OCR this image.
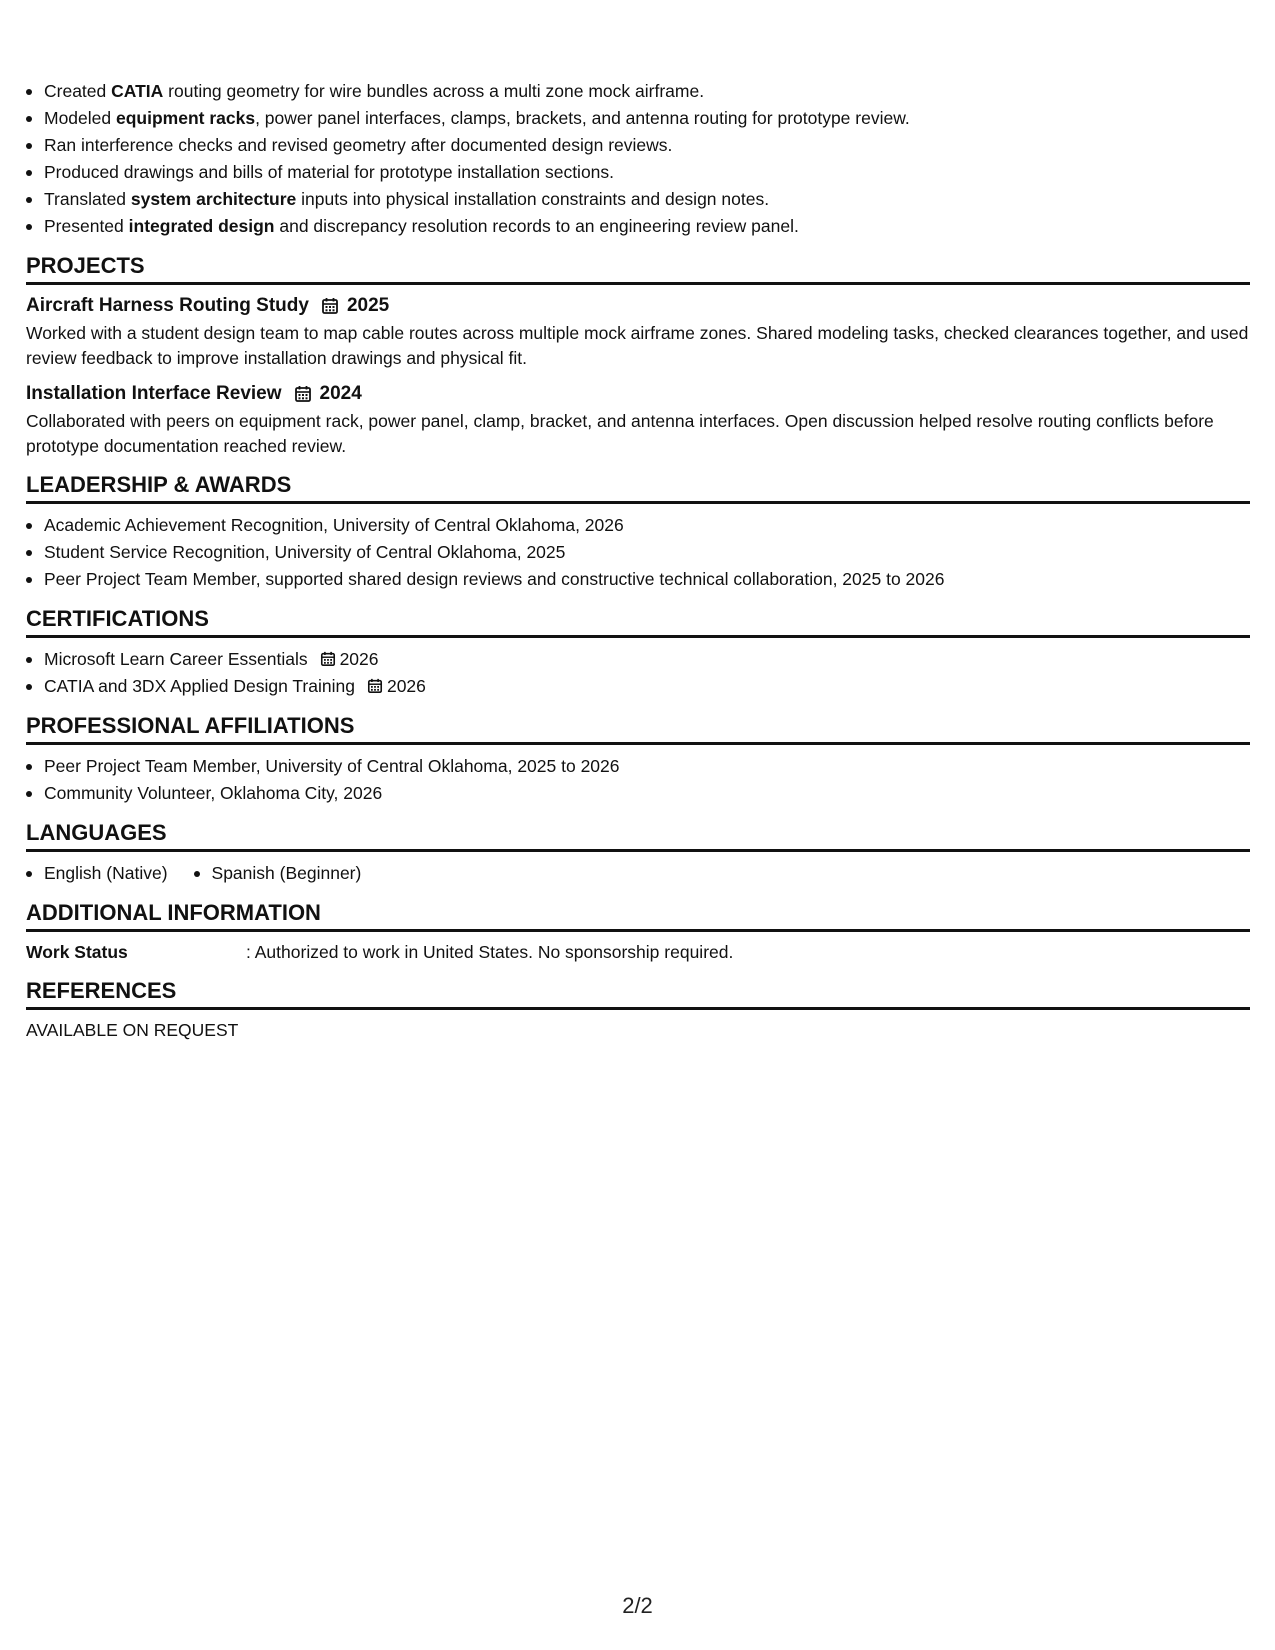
Created CATIA routing geometry for wire bundles across a multi zone mock airframe.
Modeled equipment racks, power panel interfaces, clamps, brackets, and antenna routing for prototype review.
Ran interference checks and revised geometry after documented design reviews.
Produced drawings and bills of material for prototype installation sections.
Translated system architecture inputs into physical installation constraints and design notes.
Presented integrated design and discrepancy resolution records to an engineering review panel.
PROJECTS
Aircraft Harness Routing Study 2025
Worked with a student design team to map cable routes across multiple mock airframe zones. Shared modeling tasks, checked clearances together, and used review feedback to improve installation drawings and physical fit.
Installation Interface Review 2024
Collaborated with peers on equipment rack, power panel, clamp, bracket, and antenna interfaces. Open discussion helped resolve routing conflicts before prototype documentation reached review.
LEADERSHIP & AWARDS
Academic Achievement Recognition, University of Central Oklahoma, 2026
Student Service Recognition, University of Central Oklahoma, 2025
Peer Project Team Member, supported shared design reviews and constructive technical collaboration, 2025 to 2026
CERTIFICATIONS
Microsoft Learn Career Essentials 2026
CATIA and 3DX Applied Design Training 2026
PROFESSIONAL AFFILIATIONS
Peer Project Team Member, University of Central Oklahoma, 2025 to 2026
Community Volunteer, Oklahoma City, 2026
LANGUAGES
English (Native)	Spanish (Beginner)
ADDITIONAL INFORMATION
Work Status	: Authorized to work in United States. No sponsorship required.
REFERENCES
AVAILABLE ON REQUEST
2/2
